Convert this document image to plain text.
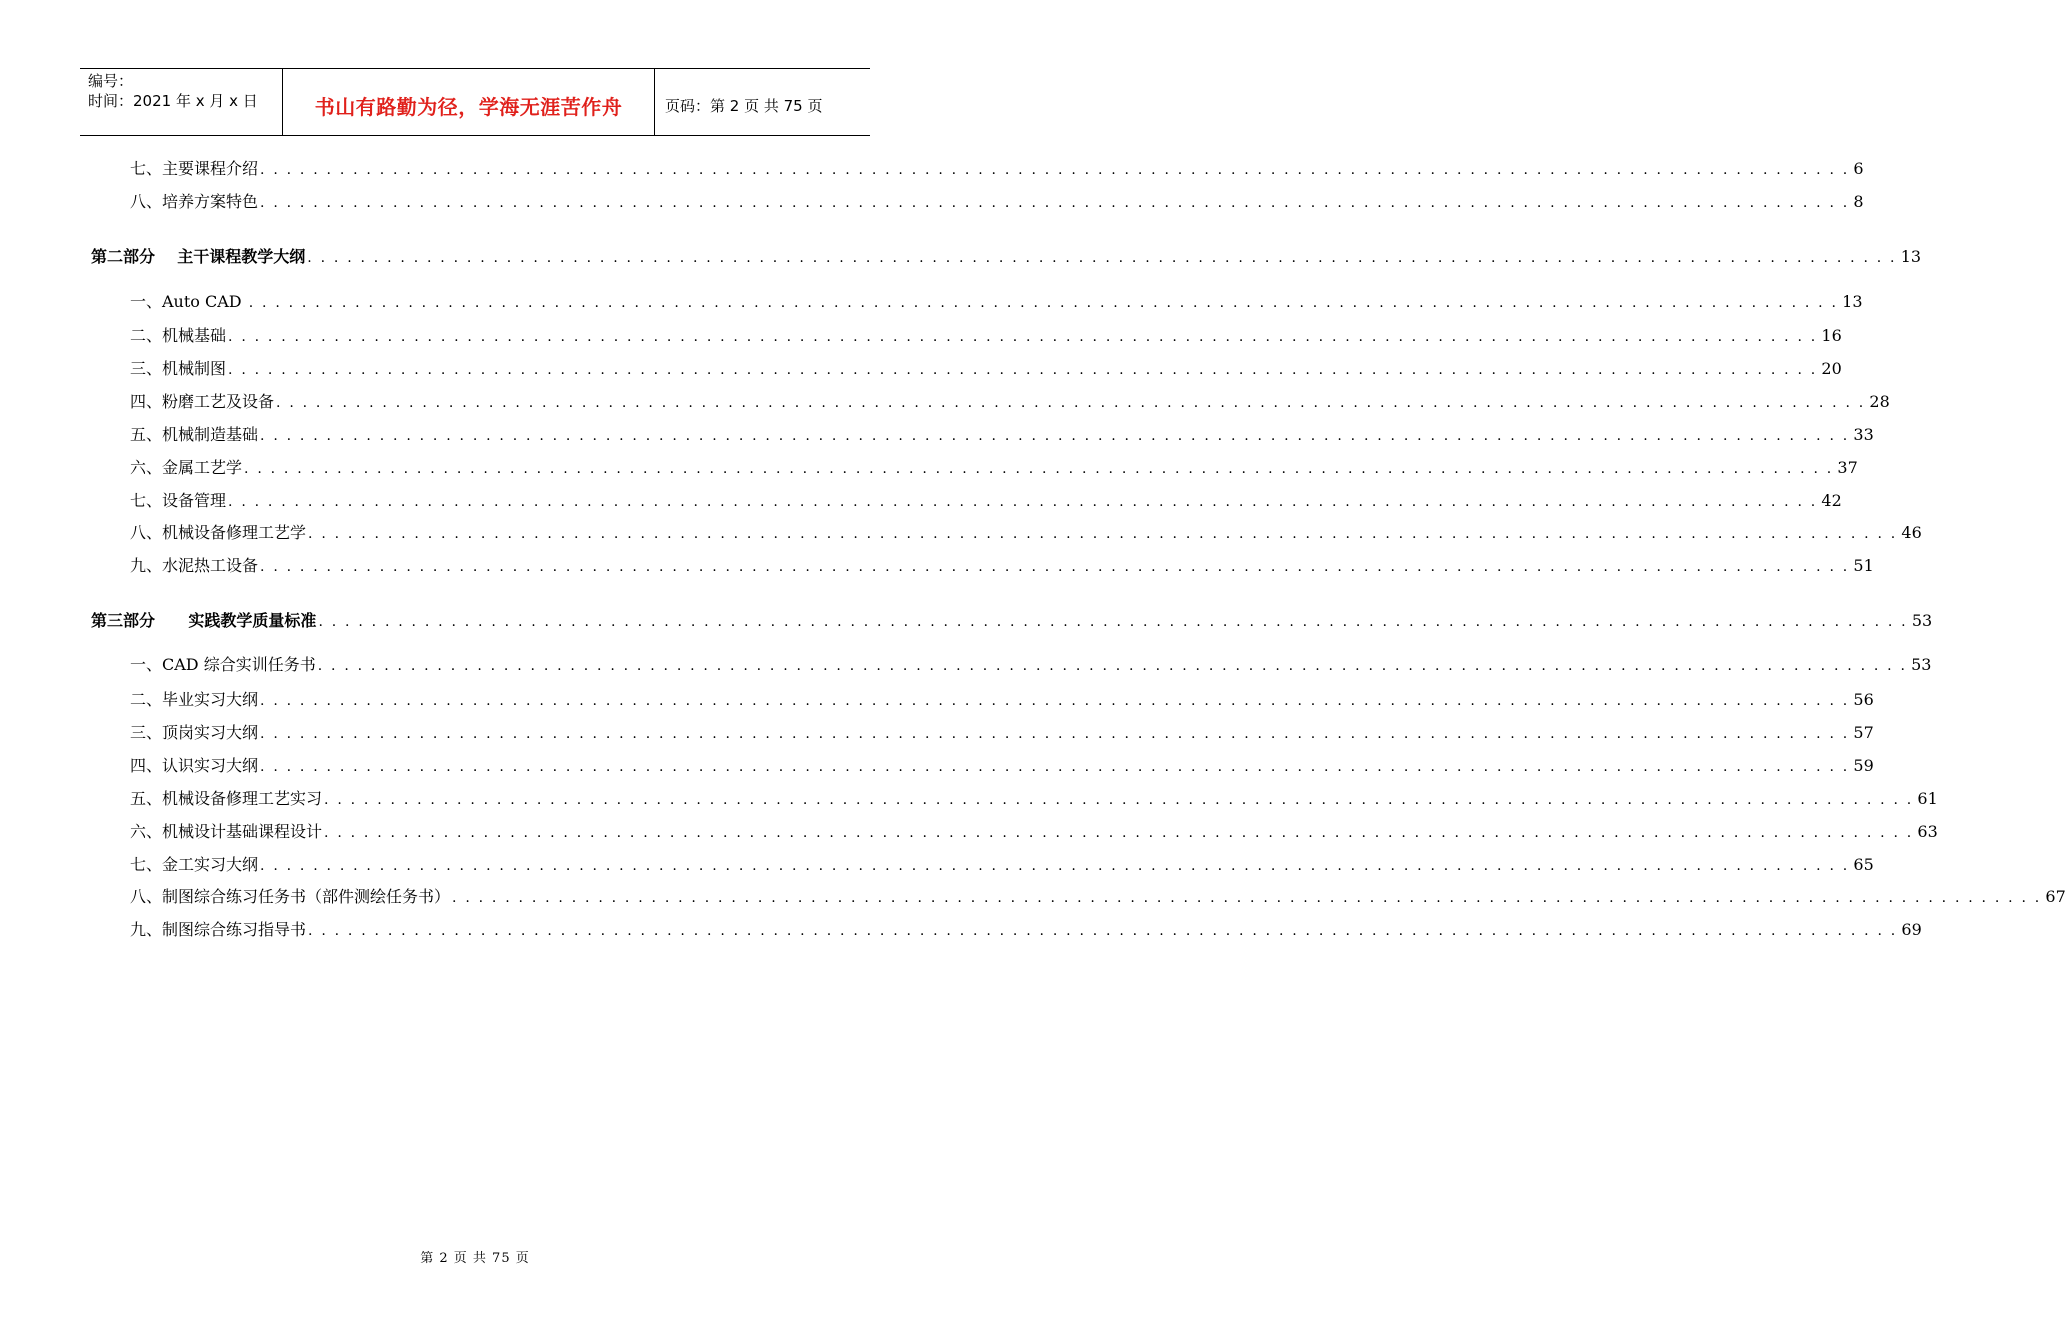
编号：
时间：2021 年 x 月 x 日	书山有路勤为径，学海无涯苦作舟	页码：第 2 页 共 75 页
七、主要课程介绍 . . . . . . . . . . . . . . . . . . . . . . . . . . . . . . . . . . . . . . . . . . . . . . . . . . . . . . . . . . . . . . . . . . . . . . . . . . . . . . . . . . . . . . . . . . . . . . . . . . . . . . . . . . . . . . . . . . . . . . . . 6
八、培养方案特色 . . . . . . . . . . . . . . . . . . . . . . . . . . . . . . . . . . . . . . . . . . . . . . . . . . . . . . . . . . . . . . . . . . . . . . . . . . . . . . . . . . . . . . . . . . . . . . . . . . . . . . . . . . . . . . . . . . . . . . . . 8
第二部分    主干课程教学大纲 . . . . . . . . . . . . . . . . . . . . . . . . . . . . . . . . . . . . . . . . . . . . . . . . . . . . . . . . . . . . . . . . . . . . . . . . . . . . . . . . . . . . . . . . . . . . . . . . . . . . . . . . . . . . . . . . . . . . . . . . 13
一、Auto CAD . . . . . . . . . . . . . . . . . . . . . . . . . . . . . . . . . . . . . . . . . . . . . . . . . . . . . . . . . . . . . . . . . . . . . . . . . . . . . . . . . . . . . . . . . . . . . . . . . . . . . . . . . . . . . . . . . . . . . . . . 13
二、机械基础 . . . . . . . . . . . . . . . . . . . . . . . . . . . . . . . . . . . . . . . . . . . . . . . . . . . . . . . . . . . . . . . . . . . . . . . . . . . . . . . . . . . . . . . . . . . . . . . . . . . . . . . . . . . . . . . . . . . . . . . . 16
三、机械制图 . . . . . . . . . . . . . . . . . . . . . . . . . . . . . . . . . . . . . . . . . . . . . . . . . . . . . . . . . . . . . . . . . . . . . . . . . . . . . . . . . . . . . . . . . . . . . . . . . . . . . . . . . . . . . . . . . . . . . . . . 20
四、粉磨工艺及设备 . . . . . . . . . . . . . . . . . . . . . . . . . . . . . . . . . . . . . . . . . . . . . . . . . . . . . . . . . . . . . . . . . . . . . . . . . . . . . . . . . . . . . . . . . . . . . . . . . . . . . . . . . . . . . . . . . . . . . . . . 28
五、机械制造基础 . . . . . . . . . . . . . . . . . . . . . . . . . . . . . . . . . . . . . . . . . . . . . . . . . . . . . . . . . . . . . . . . . . . . . . . . . . . . . . . . . . . . . . . . . . . . . . . . . . . . . . . . . . . . . . . . . . . . . . . . 33
六、金属工艺学 . . . . . . . . . . . . . . . . . . . . . . . . . . . . . . . . . . . . . . . . . . . . . . . . . . . . . . . . . . . . . . . . . . . . . . . . . . . . . . . . . . . . . . . . . . . . . . . . . . . . . . . . . . . . . . . . . . . . . . . . 37
七、设备管理 . . . . . . . . . . . . . . . . . . . . . . . . . . . . . . . . . . . . . . . . . . . . . . . . . . . . . . . . . . . . . . . . . . . . . . . . . . . . . . . . . . . . . . . . . . . . . . . . . . . . . . . . . . . . . . . . . . . . . . . . 42
八、机械设备修理工艺学 . . . . . . . . . . . . . . . . . . . . . . . . . . . . . . . . . . . . . . . . . . . . . . . . . . . . . . . . . . . . . . . . . . . . . . . . . . . . . . . . . . . . . . . . . . . . . . . . . . . . . . . . . . . . . . . . . . . . . . . . 46
九、水泥热工设备 . . . . . . . . . . . . . . . . . . . . . . . . . . . . . . . . . . . . . . . . . . . . . . . . . . . . . . . . . . . . . . . . . . . . . . . . . . . . . . . . . . . . . . . . . . . . . . . . . . . . . . . . . . . . . . . . . . . . . . . . 51
第三部分      实践教学质量标准 . . . . . . . . . . . . . . . . . . . . . . . . . . . . . . . . . . . . . . . . . . . . . . . . . . . . . . . . . . . . . . . . . . . . . . . . . . . . . . . . . . . . . . . . . . . . . . . . . . . . . . . . . . . . . . . . . . . . . . . . 53
一、CAD 综合实训任务书 . . . . . . . . . . . . . . . . . . . . . . . . . . . . . . . . . . . . . . . . . . . . . . . . . . . . . . . . . . . . . . . . . . . . . . . . . . . . . . . . . . . . . . . . . . . . . . . . . . . . . . . . . . . . . . . . . . . . . . . . 53
二、毕业实习大纲 . . . . . . . . . . . . . . . . . . . . . . . . . . . . . . . . . . . . . . . . . . . . . . . . . . . . . . . . . . . . . . . . . . . . . . . . . . . . . . . . . . . . . . . . . . . . . . . . . . . . . . . . . . . . . . . . . . . . . . . . 56
三、顶岗实习大纲 . . . . . . . . . . . . . . . . . . . . . . . . . . . . . . . . . . . . . . . . . . . . . . . . . . . . . . . . . . . . . . . . . . . . . . . . . . . . . . . . . . . . . . . . . . . . . . . . . . . . . . . . . . . . . . . . . . . . . . . . 57
四、认识实习大纲 . . . . . . . . . . . . . . . . . . . . . . . . . . . . . . . . . . . . . . . . . . . . . . . . . . . . . . . . . . . . . . . . . . . . . . . . . . . . . . . . . . . . . . . . . . . . . . . . . . . . . . . . . . . . . . . . . . . . . . . . 59
五、机械设备修理工艺实习 . . . . . . . . . . . . . . . . . . . . . . . . . . . . . . . . . . . . . . . . . . . . . . . . . . . . . . . . . . . . . . . . . . . . . . . . . . . . . . . . . . . . . . . . . . . . . . . . . . . . . . . . . . . . . . . . . . . . . . . . 61
六、机械设计基础课程设计 . . . . . . . . . . . . . . . . . . . . . . . . . . . . . . . . . . . . . . . . . . . . . . . . . . . . . . . . . . . . . . . . . . . . . . . . . . . . . . . . . . . . . . . . . . . . . . . . . . . . . . . . . . . . . . . . . . . . . . . . 63
七、金工实习大纲 . . . . . . . . . . . . . . . . . . . . . . . . . . . . . . . . . . . . . . . . . . . . . . . . . . . . . . . . . . . . . . . . . . . . . . . . . . . . . . . . . . . . . . . . . . . . . . . . . . . . . . . . . . . . . . . . . . . . . . . . 65
八、制图综合练习任务书（部件测绘任务书） . . . . . . . . . . . . . . . . . . . . . . . . . . . . . . . . . . . . . . . . . . . . . . . . . . . . . . . . . . . . . . . . . . . . . . . . . . . . . . . . . . . . . . . . . . . . . . . . . . . . . . . . . . . . . . . . . . . . . . . . 67
九、制图综合练习指导书 . . . . . . . . . . . . . . . . . . . . . . . . . . . . . . . . . . . . . . . . . . . . . . . . . . . . . . . . . . . . . . . . . . . . . . . . . . . . . . . . . . . . . . . . . . . . . . . . . . . . . . . . . . . . . . . . . . . . . . . . 69
第 2 页 共 75 页
